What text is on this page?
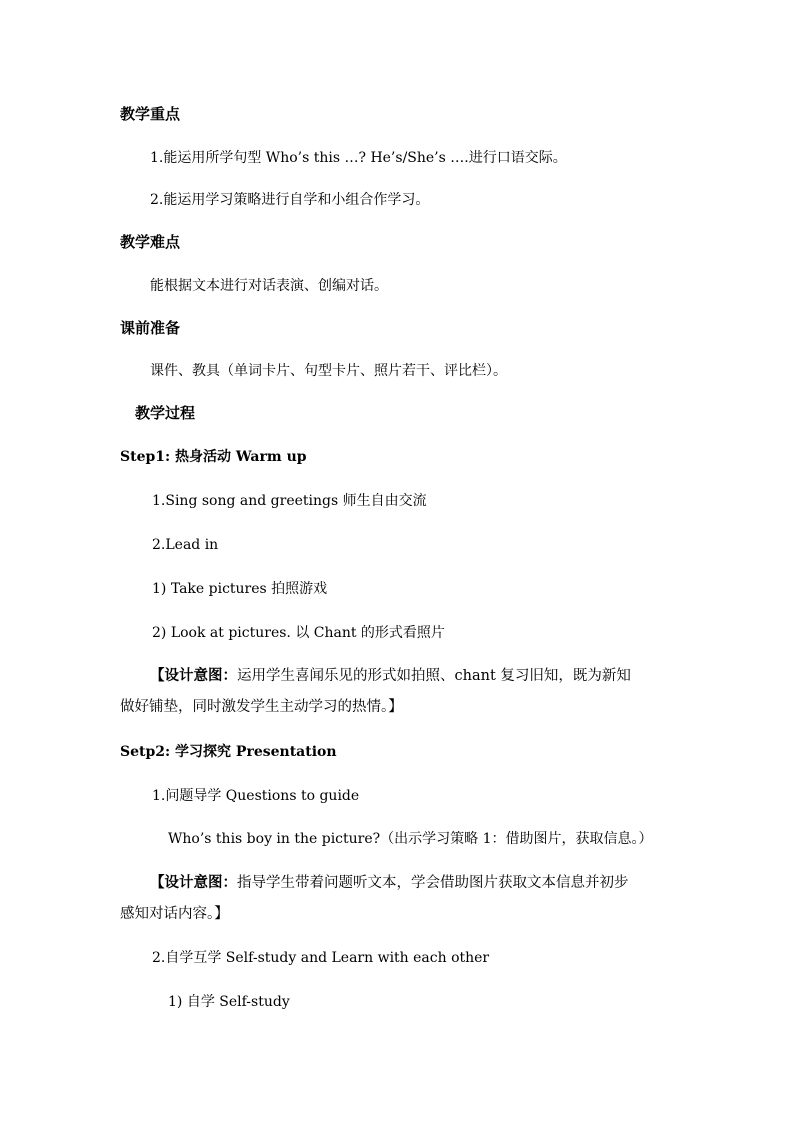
教学重点
1.能运用所学句型 Who’s this …? He’s/She’s ….进行口语交际。
2.能运用学习策略进行自学和小组合作学习。
教学难点
能根据文本进行对话表演、创编对话。
课前准备
课件、教具（单词卡片、句型卡片、照片若干、评比栏）。
教学过程
Step1: 热身活动 Warm up
1.Sing song and greetings 师生自由交流
2.Lead in
1) Take pictures 拍照游戏
2) Look at pictures. 以 Chant 的形式看照片
【设计意图：运用学生喜闻乐见的形式如拍照、chant 复习旧知，既为新知
做好铺垫，同时激发学生主动学习的热情。】
Setp2: 学习探究 Presentation
1.问题导学 Questions to guide
Who’s this boy in the picture?（出示学习策略 1：借助图片，获取信息。）
【设计意图：指导学生带着问题听文本，学会借助图片获取文本信息并初步
感知对话内容。】
2.自学互学 Self-study and Learn with each other
1) 自学 Self-study
